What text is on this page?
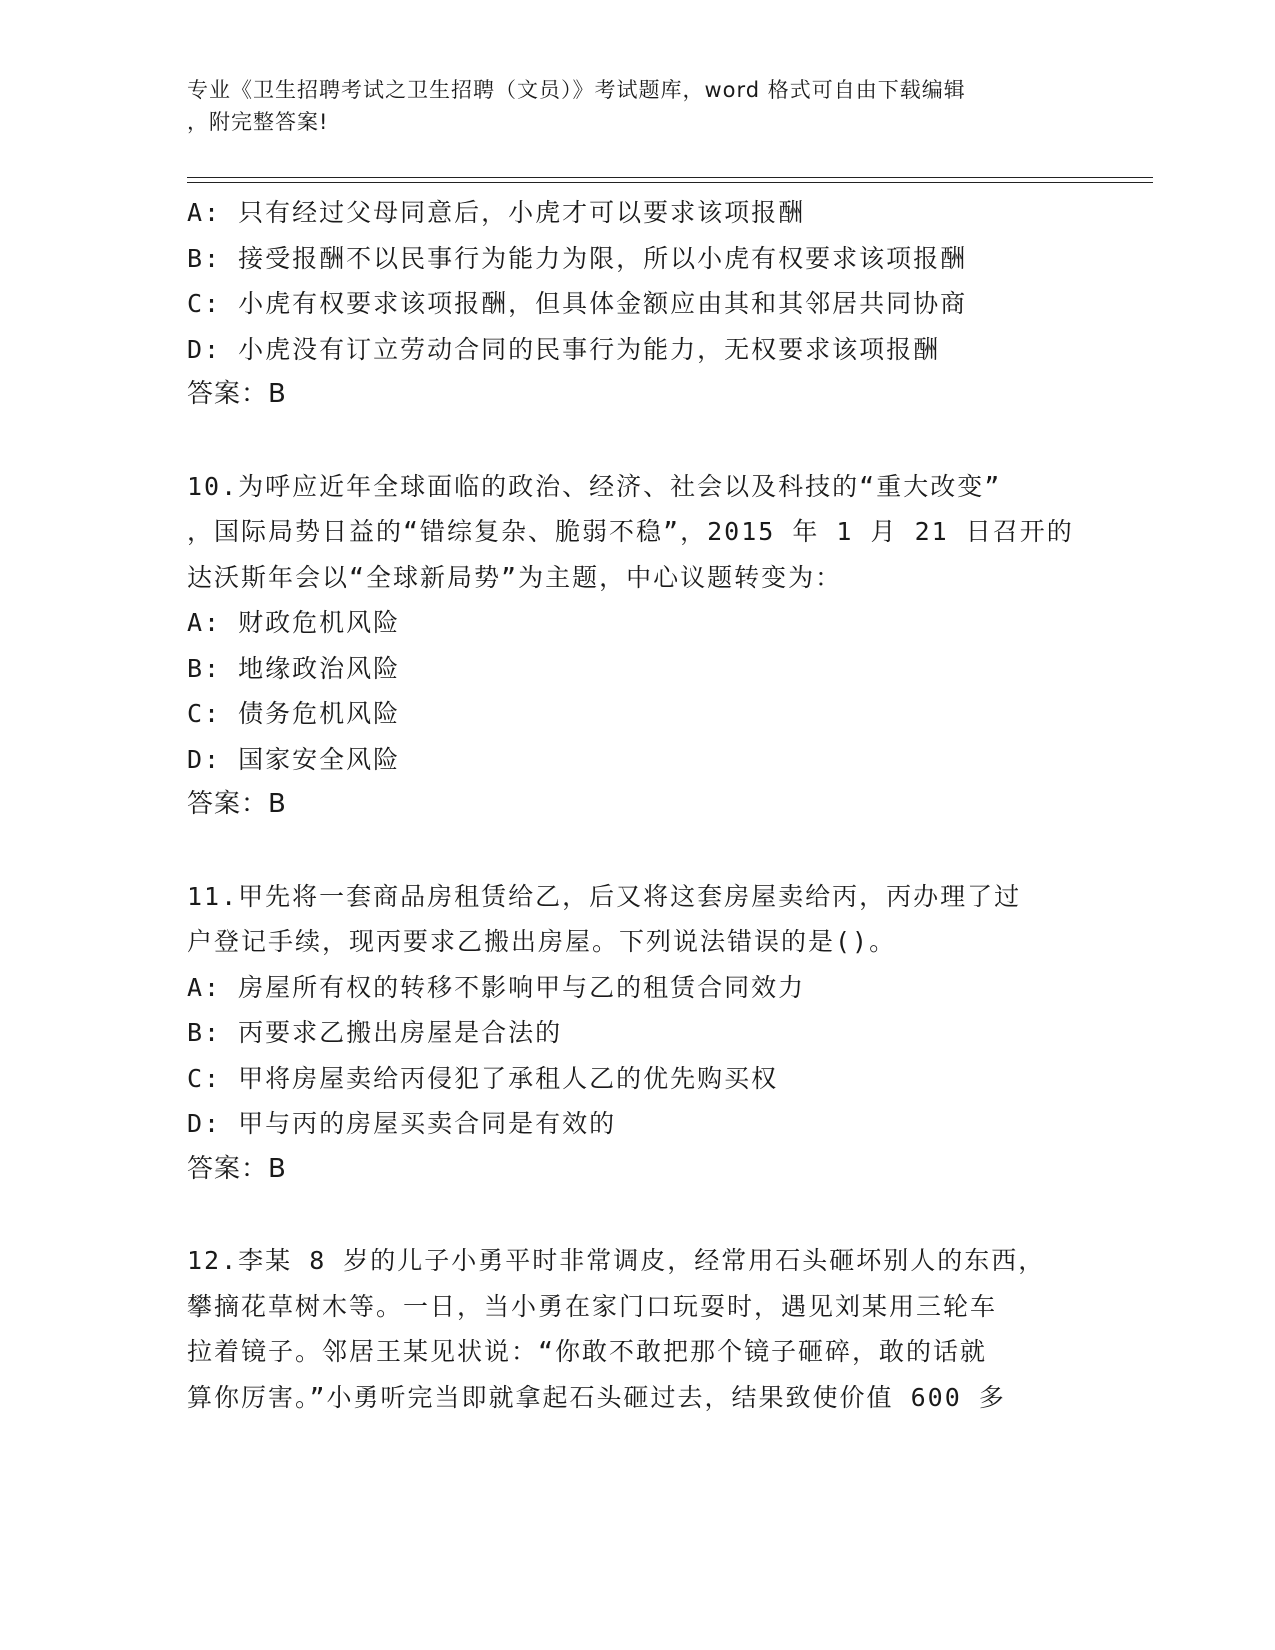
专业《卫生招聘考试之卫生招聘（文员）》考试题库，word 格式可自由下载编辑
，附完整答案!
A: 只有经过父母同意后，小虎才可以要求该项报酬
B: 接受报酬不以民事行为能力为限，所以小虎有权要求该项报酬
C: 小虎有权要求该项报酬，但具体金额应由其和其邻居共同协商
D: 小虎没有订立劳动合同的民事行为能力，无权要求该项报酬
答案：B
10.为呼应近年全球面临的政治、经济、社会以及科技的“重大改变”
，国际局势日益的“错综复杂、脆弱不稳”，2015 年 1 月 21 日召开的
达沃斯年会以“全球新局势”为主题，中心议题转变为：
A: 财政危机风险
B: 地缘政治风险
C: 债务危机风险
D: 国家安全风险
答案：B
11.甲先将一套商品房租赁给乙，后又将这套房屋卖给丙，丙办理了过
户登记手续，现丙要求乙搬出房屋。下列说法错误的是()。
A: 房屋所有权的转移不影响甲与乙的租赁合同效力
B: 丙要求乙搬出房屋是合法的
C: 甲将房屋卖给丙侵犯了承租人乙的优先购买权
D: 甲与丙的房屋买卖合同是有效的
答案：B
12.李某 8 岁的儿子小勇平时非常调皮，经常用石头砸坏别人的东西，
攀摘花草树木等。一日，当小勇在家门口玩耍时，遇见刘某用三轮车
拉着镜子。邻居王某见状说：“你敢不敢把那个镜子砸碎，敢的话就
算你厉害。”小勇听完当即就拿起石头砸过去，结果致使价值 600 多
